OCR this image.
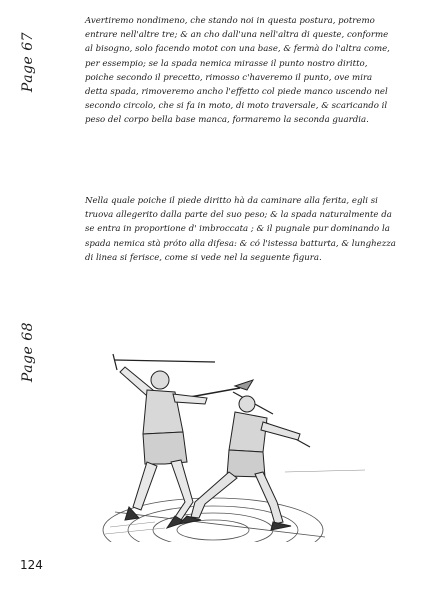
Page 67

Avertiremo nondimeno, che stando noi in questa postura, potremo entrare nell'altre tre; & an cho dall'una nell'altra di queste, conforme al bisogno, solo facendo motot con una base, & fermà do l'altra come, per essempio; se la spada nemica mirasse il punto nostro diritto, poiche secondo il precetto, rimosso c'haveremo il punto, ove mira detta spada, rimoveremo ancho l'effetto col piede manco uscendo nel secondo circolo, che si fa in moto, di moto traversale, & scaricando il peso del corpo bella base manca, formaremo la seconda guardia.

Nella quale poiche il piede diritto hà da caminare alla ferita, egli si truova allegerito dalla parte del suo peso; & la spada naturalmente da se entra in proportione d' imbroccata ; & il pugnale pur dominando la spada nemica stà próto alla difesa: & có l'istessa batturta, & lunghezza di linea si ferisce, come si vede nel la seguente figura.

Page 68
124
